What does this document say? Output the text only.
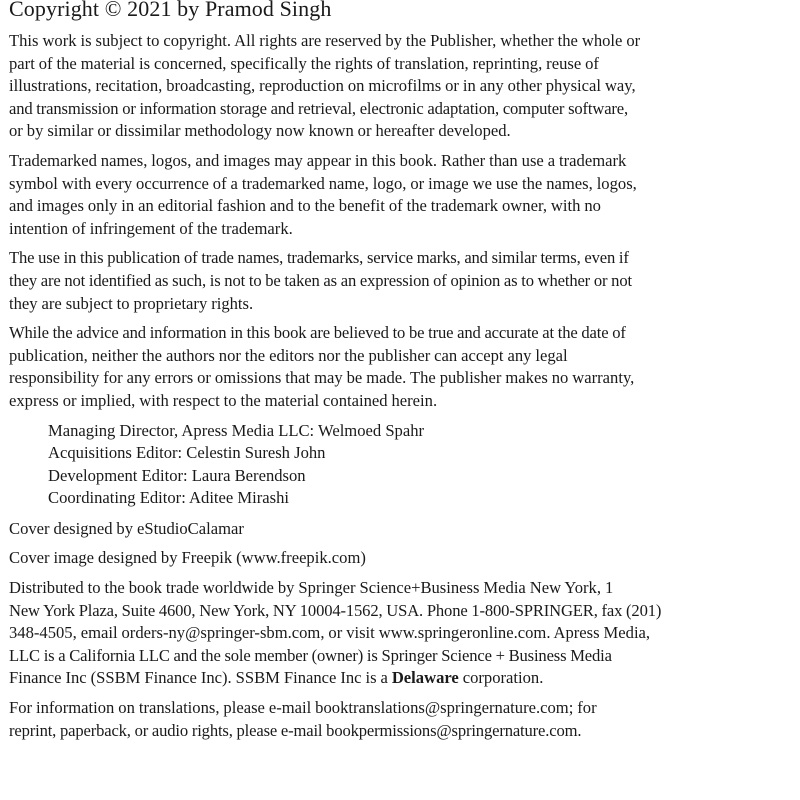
Copyright © 2021 by Pramod Singh
This work is subject to copyright. All rights are reserved by the Publisher, whether the whole or
part of the material is concerned, specifically the rights of translation, reprinting, reuse of
illustrations, recitation, broadcasting, reproduction on microfilms or in any other physical way,
and transmission or information storage and retrieval, electronic adaptation, computer software,
or by similar or dissimilar methodology now known or hereafter developed.
Trademarked names, logos, and images may appear in this book. Rather than use a trademark
symbol with every occurrence of a trademarked name, logo, or image we use the names, logos,
and images only in an editorial fashion and to the benefit of the trademark owner, with no
intention of infringement of the trademark.
The use in this publication of trade names, trademarks, service marks, and similar terms, even if
they are not identified as such, is not to be taken as an expression of opinion as to whether or not
they are subject to proprietary rights.
While the advice and information in this book are believed to be true and accurate at the date of
publication, neither the authors nor the editors nor the publisher can accept any legal
responsibility for any errors or omissions that may be made. The publisher makes no warranty,
express or implied, with respect to the material contained herein.
Managing Director, Apress Media LLC: Welmoed Spahr
Acquisitions Editor: Celestin Suresh John
Development Editor: Laura Berendson
Coordinating Editor: Aditee Mirashi
Cover designed by eStudioCalamar
Cover image designed by Freepik (www.freepik.com)
Distributed to the book trade worldwide by Springer Science+Business Media New York, 1
New York Plaza, Suite 4600, New York, NY 10004-1562, USA. Phone 1-800-SPRINGER, fax (201)
348-4505, email orders-ny@springer-sbm.com, or visit www.springeronline.com. Apress Media,
LLC is a California LLC and the sole member (owner) is Springer Science + Business Media
Finance Inc (SSBM Finance Inc). SSBM Finance Inc is a Delaware corporation.
For information on translations, please e-mail booktranslations@springernature.com; for
reprint, paperback, or audio rights, please e-mail bookpermissions@springernature.com.
